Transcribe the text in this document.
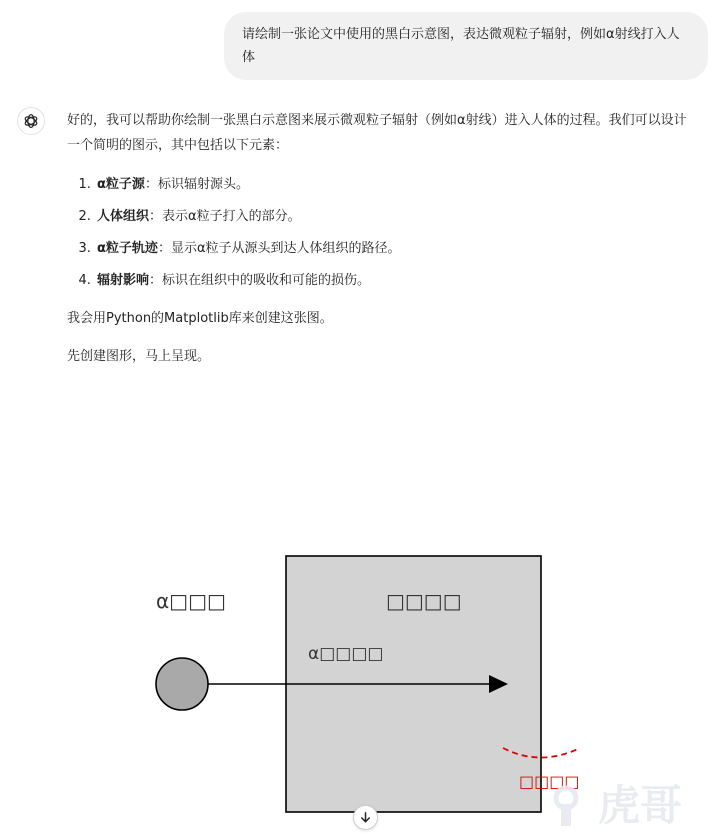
请绘制一张论文中使用的黑白示意图，表达微观粒子辐射，例如α射线打入人体

好的，我可以帮助你绘制一张黑白示意图来展示微观粒子辐射（例如α射线）进入人体的过程。我们可以设计一个简明的图示，其中包括以下元素：

1. α粒子源：标识辐射源头。
2. 人体组织：表示α粒子打入的部分。
3. α粒子轨迹：显示α粒子从源头到达人体组织的路径。
4. 辐射影响：标识在组织中的吸收和可能的损伤。

我会用Python的Matplotlib库来创建这张图。

先创建图形，马上呈现。

α□□□	□□□□
α□□□□
□□□□ 虎哥
